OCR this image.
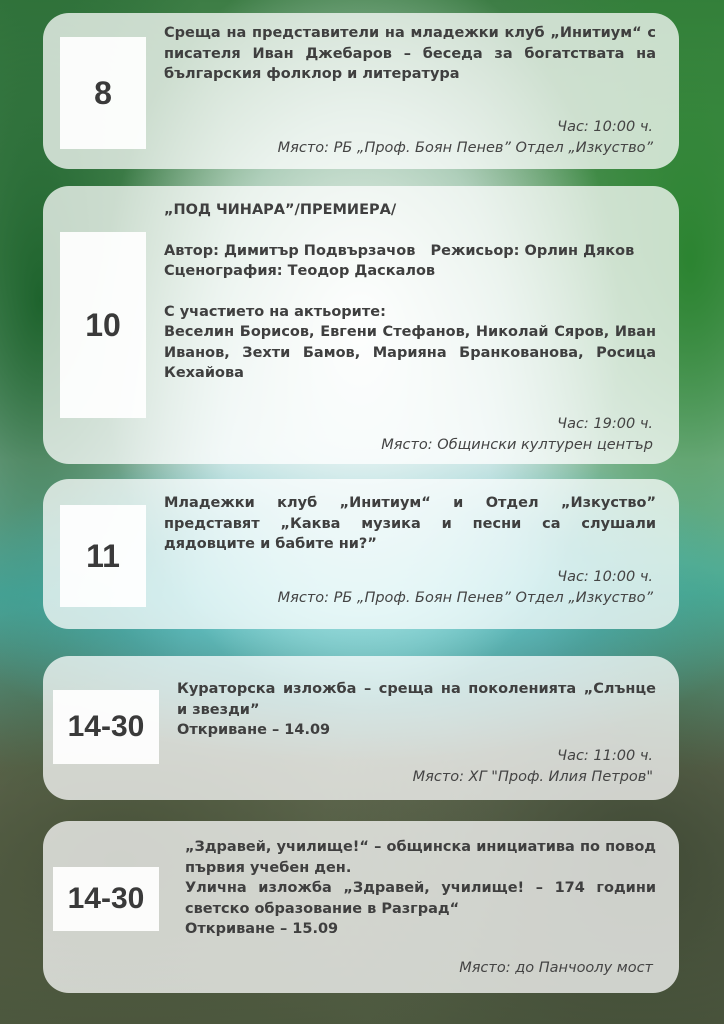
8

Среща на представители на младежки клуб „Инитиум“ с писателя Иван Джебаров – беседа за богатствата на българския фолклор и литература

Час: 10:00 ч.
Място: РБ „Проф. Боян Пенев” Отдел „Изкуство”
10

„ПОД ЧИНАРА”/ПРЕМИЕРА/

Автор: Димитър Подвързачов   Режисьор: Орлин Дяков

Сценография: Теодор Даскалов

С участието на актьорите:

Веселин Борисов, Евгени Стефанов, Николай Сяров, Иван Иванов, Зехти Бамов, Марияна Бранкованова, Росица Кехайова

Час: 19:00 ч.
Място: Общински културен център
11

Младежки клуб „Инитиум“ и Отдел „Изкуство” представят „Каква музика и песни са слушали дядовците и бабите ни?”

Час: 10:00 ч.
Място: РБ „Проф. Боян Пенев” Отдел „Изкуство”
14-30

Кураторска изложба – среща на поколенията „Слънце и звезди”

Откриване – 14.09

Час: 11:00 ч.
Място: ХГ "Проф. Илия Петров"
14-30

„Здравей, училище!“ – общинска инициатива по повод първия учебен ден.

Улична изложба „Здравей, училище! – 174 години светско образование в Разград“

Откриване – 15.09

Място: до Панчоолу мост
